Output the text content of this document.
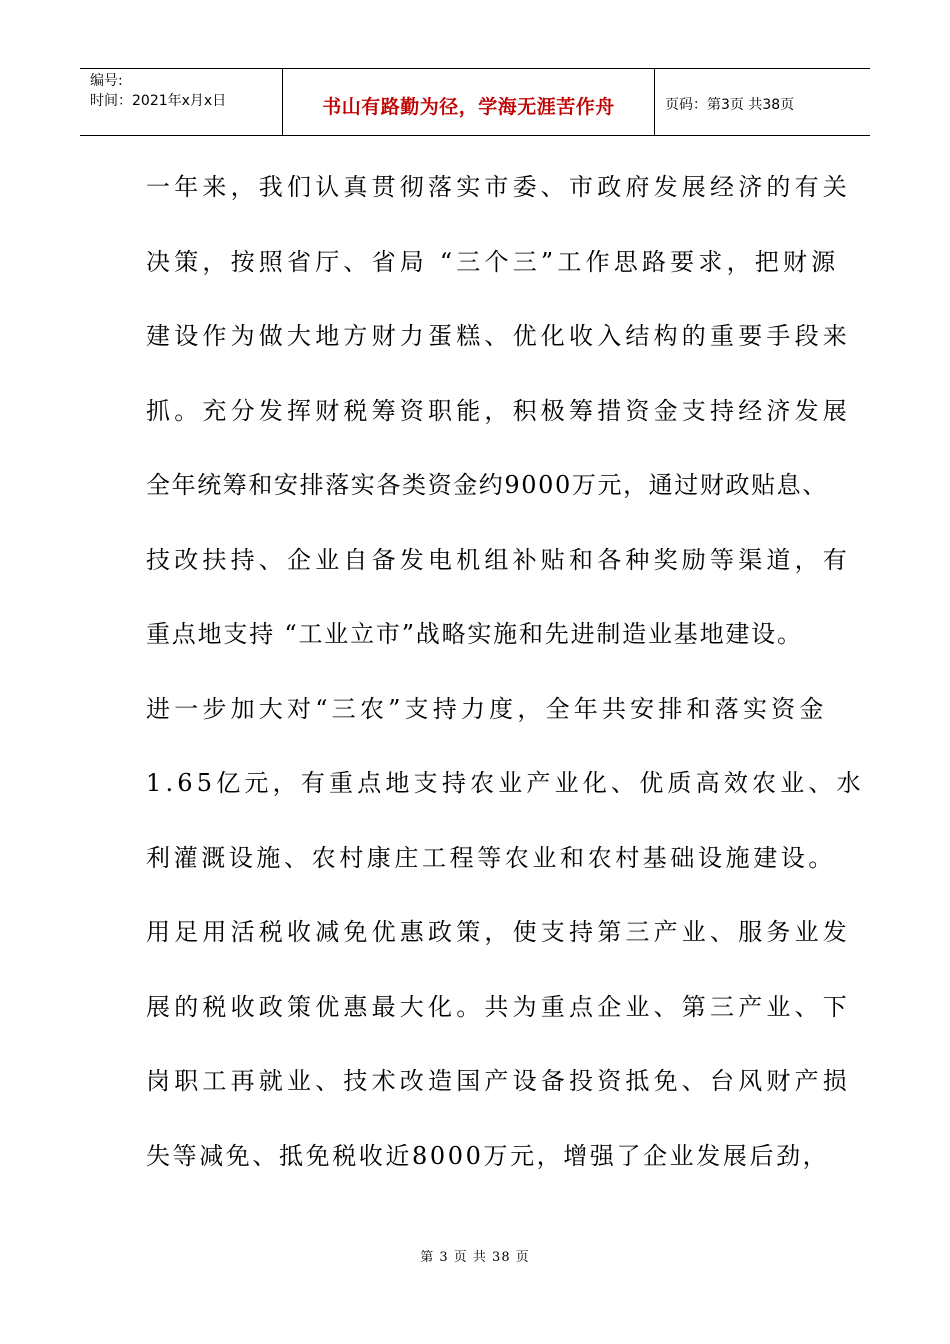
编号:
时间：2021年x月x日	书山有路勤为径，学海无涯苦作舟	页码：第3页 共38页
一年来，我们认真贯彻落实市委、市政府发展经济的有关
决策，按照省厅、省局 “三个三”工作思路要求，把财源
建设作为做大地方财力蛋糕、优化收入结构的重要手段来
抓。充分发挥财税筹资职能，积极筹措资金支持经济发展
全年统筹和安排落实各类资金约9000万元，通过财政贴息、
技改扶持、企业自备发电机组补贴和各种奖励等渠道，有
重点地支持 “工业立市”战略实施和先进制造业基地建设。
进一步加大对“三农”支持力度，全年共安排和落实资金
1.65亿元，有重点地支持农业产业化、优质高效农业、水
利灌溉设施、农村康庄工程等农业和农村基础设施建设。
用足用活税收减免优惠政策，使支持第三产业、服务业发
展的税收政策优惠最大化。共为重点企业、第三产业、下
岗职工再就业、技术改造国产设备投资抵免、台风财产损
失等减免、抵免税收近8000万元，增强了企业发展后劲，
第 3 页 共 38 页
